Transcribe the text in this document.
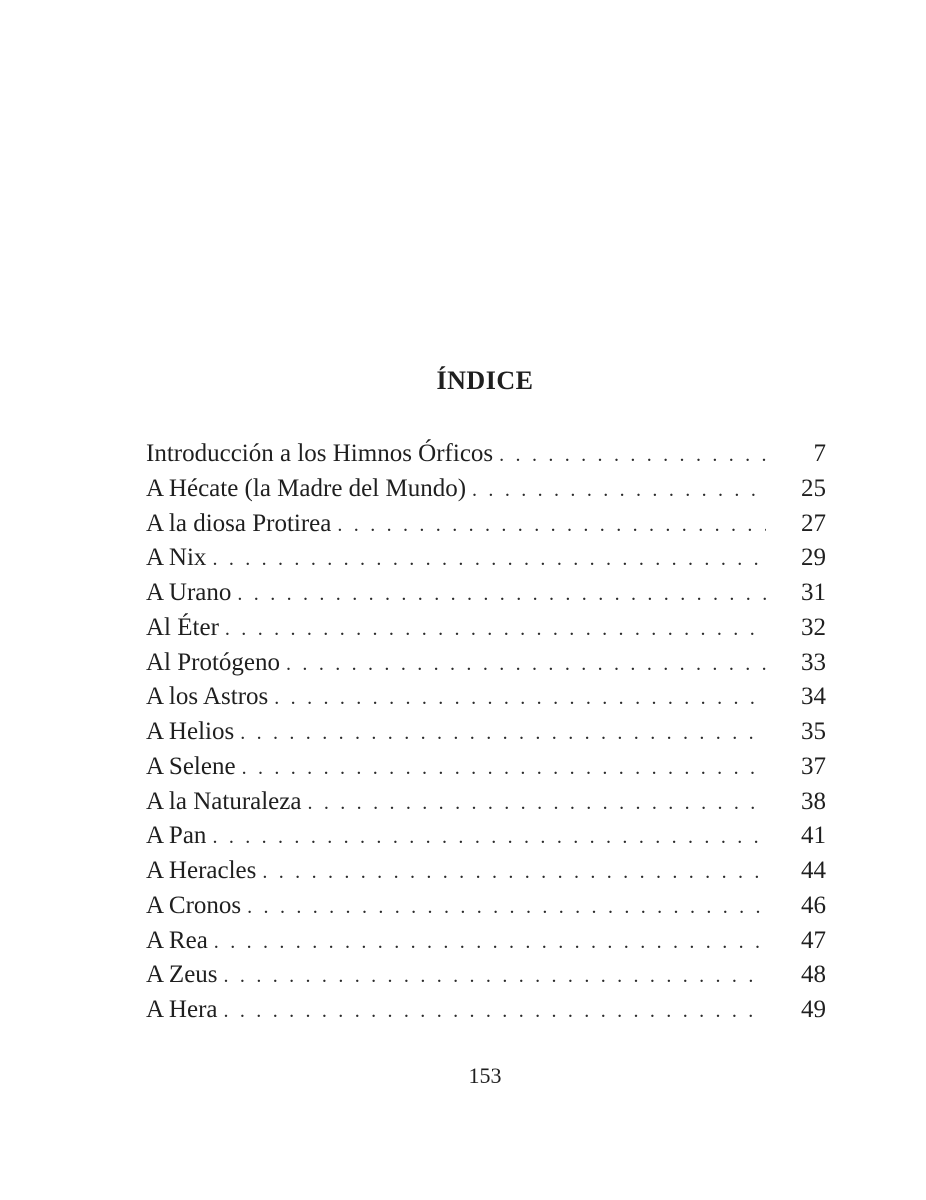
ÍNDICE
Introducción a los Himnos Órficos . . .	7
A Hécate (la Madre del Mundo) . . .	25
A la diosa Protirea . . .	27
A Nix . . .	29
A Urano . . .	31
Al Éter . . .	32
Al Protógeno . . .	33
A los Astros . . .	34
A Helios . . .	35
A Selene . . .	37
A la Naturaleza . . .	38
A Pan . . .	41
A Heracles . . .	44
A Cronos . . .	46
A Rea . . .	47
A Zeus . . .	48
A Hera . . .	49
153
